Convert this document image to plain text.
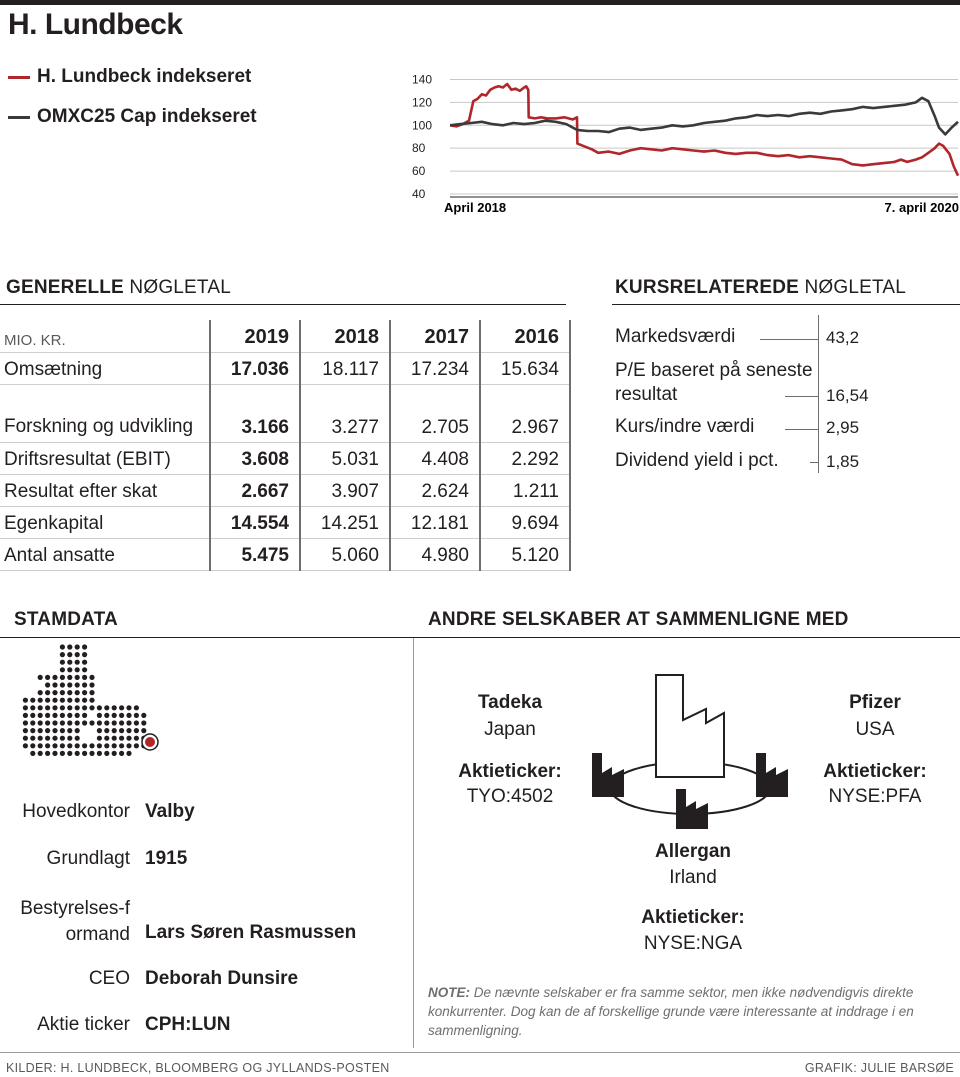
H. Lundbeck
H. Lundbeck indekseret
OMXC25 Cap indekseret
40
60
80
100
120
140
April 2018	7. april 2020
GENERELLE NØGLETAL
MIO. KR.	2019	2018	2017	2016
Omsætning	17.036	18.117	17.234	15.634
Forskning og udvikling	3.166	3.277	2.705	2.967
Driftsresultat (EBIT)	3.608	5.031	4.408	2.292
Resultat efter skat	2.667	3.907	2.624	1.211
Egenkapital	14.554	14.251	12.181	9.694
Antal ansatte	5.475	5.060	4.980	5.120
KURSRELATEREDE NØGLETAL
Markedsværdi	43,2
P/E baseret på seneste resultat	16,54
Kurs/indre værdi	2,95
Dividend yield i pct.	1,85
STAMDATA
Hovedkontor Valby
Grundlagt 1915
Bestyrelses-formand Lars Søren Rasmussen
CEO Deborah Dunsire
Aktie ticker CPH:LUN
ANDRE SELSKABER AT SAMMENLIGNE MED
Tadeka
Japan
Aktieticker:
TYO:4502
Pfizer
USA
Aktieticker:
NYSE:PFA
Allergan
Irland
Aktieticker:
NYSE:NGA
NOTE: De nævnte selskaber er fra samme sektor, men ikke nødvendigvis direkte konkurrenter. Dog kan de af forskellige grunde være interessante at inddrage i en sammenligning.
KILDER: H. LUNDBECK, BLOOMBERG OG JYLLANDS-POSTEN	GRAFIK: JULIE BARSØE
